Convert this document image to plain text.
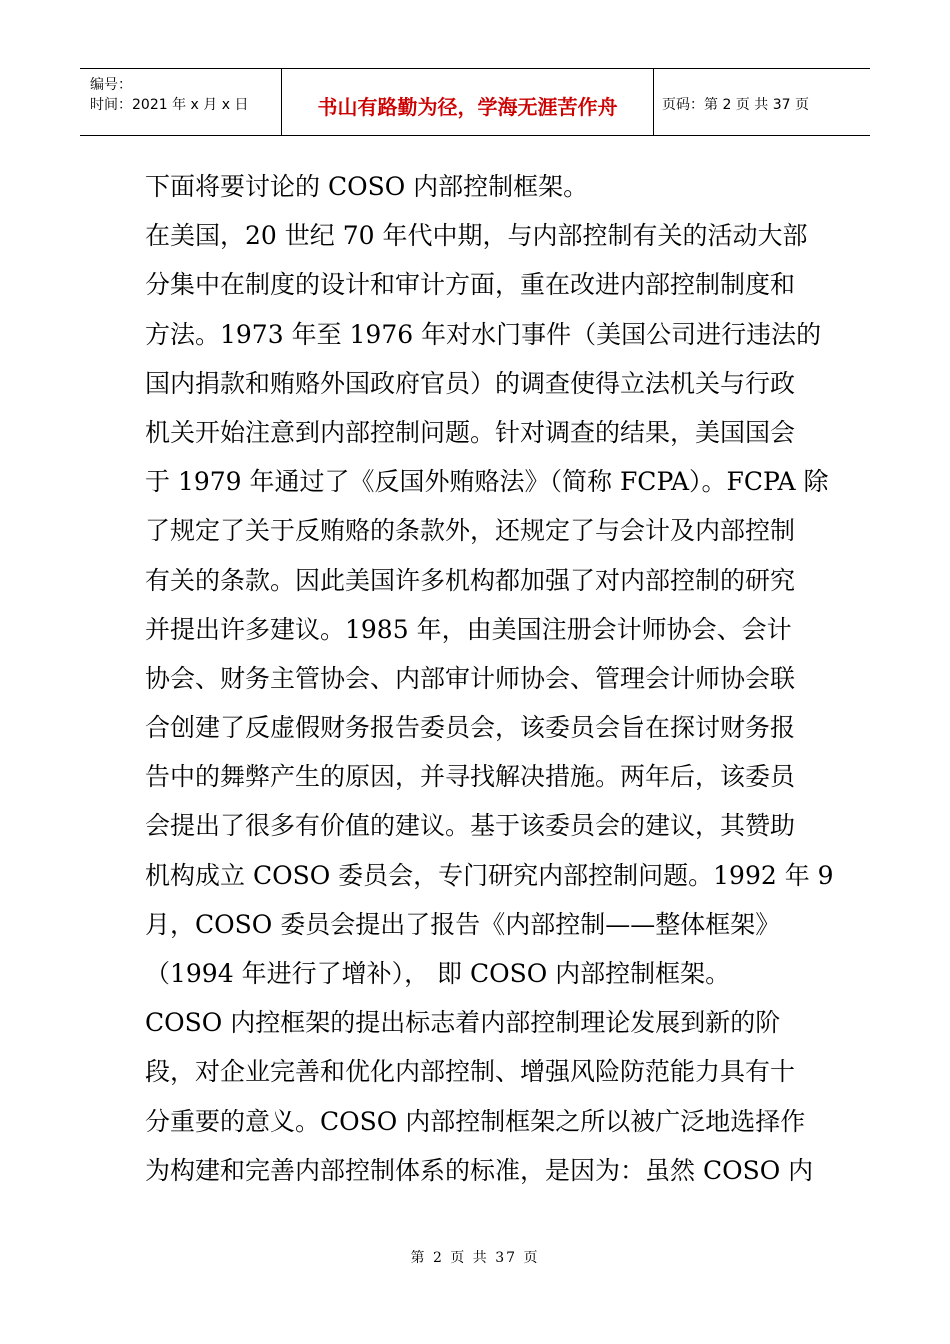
编号：
时间：2021 年 x 月 x 日	书山有路勤为径，学海无涯苦作舟	页码：第 2 页 共 37 页
下面将要讨论的 COSO 内部控制框架。
在美国，20 世纪 70 年代中期，与内部控制有关的活动大部
分集中在制度的设计和审计方面，重在改进内部控制制度和
方法。1973 年至 1976 年对水门事件（美国公司进行违法的
国内捐款和贿赂外国政府官员）的调查使得立法机关与行政
机关开始注意到内部控制问题。针对调查的结果，美国国会
于 1979 年通过了《反国外贿赂法》（简称 FCPA）。FCPA 除
了规定了关于反贿赂的条款外，还规定了与会计及内部控制
有关的条款。因此美国许多机构都加强了对内部控制的研究
并提出许多建议。1985 年，由美国注册会计师协会、会计
协会、财务主管协会、内部审计师协会、管理会计师协会联
合创建了反虚假财务报告委员会，该委员会旨在探讨财务报
告中的舞弊产生的原因，并寻找解决措施。两年后，该委员
会提出了很多有价值的建议。基于该委员会的建议，其赞助
机构成立 COSO 委员会，专门研究内部控制问题。1992 年 9
月，COSO 委员会提出了报告《内部控制——整体框架》
（1994 年进行了增补）， 即 COSO 内部控制框架。
COSO 内控框架的提出标志着内部控制理论发展到新的阶
段，对企业完善和优化内部控制、增强风险防范能力具有十
分重要的意义。COSO 内部控制框架之所以被广泛地选择作
为构建和完善内部控制体系的标准，是因为：虽然 COSO 内
第 2 页 共 37 页
